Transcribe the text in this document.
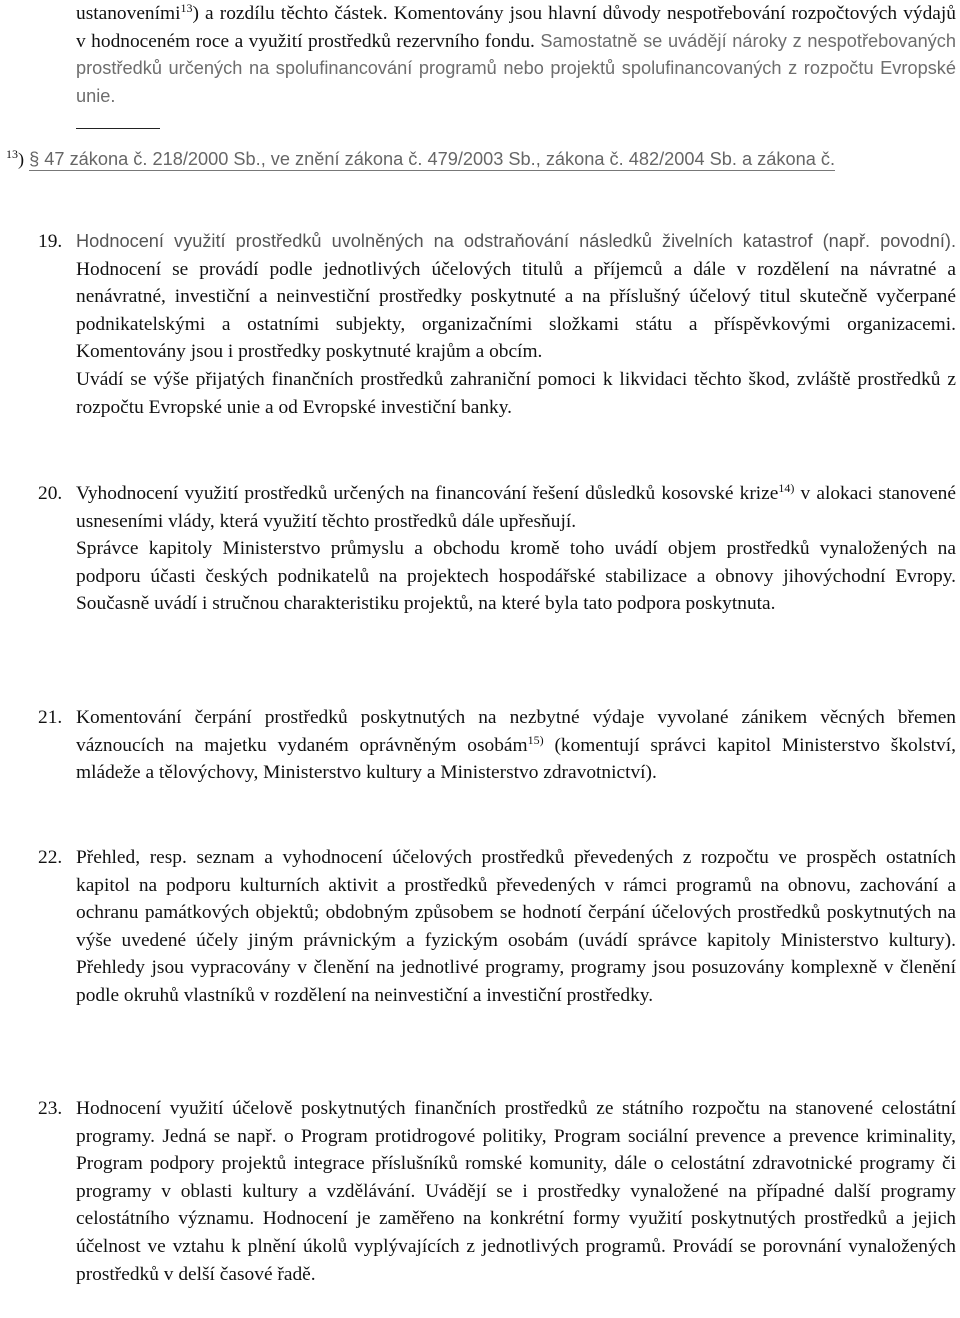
ustanoveními$^{13}$) a rozdílu těchto částek. Komentovány jsou hlavní důvody nespotřebování rozpočtových výdajů v hodnoceném roce a využití prostředků rezervního fondu. Samostatně se uvádějí nároky z nespotřebovaných prostředků určených na spolufinancování programů nebo projektů spolufinancovaných z rozpočtu Evropské unie.
$^{13}$) § 47 zákona č. 218/2000 Sb., ve znění zákona č. 479/2003 Sb., zákona č. 482/2004 Sb. a zákona č.
19. Hodnocení využití prostředků uvolněných na odstraňování následků živelních katastrof (např. povodní). Hodnocení se provádí podle jednotlivých účelových titulů a příjemců a dále v rozdělení na návratné a nenávratné, investiční a neinvestiční prostředky poskytnuté a na příslušný účelový titul skutečně vyčerpané podnikatelskými a ostatními subjekty, organizačními složkami státu a příspěvkovými organizacemi. Komentovány jsou i prostředky poskytnuté krajům a obcím.

Uvádí se výše přijatých finančních prostředků zahraniční pomoci k likvidaci těchto škod, zvláště prostředků z rozpočtu Evropské unie a od Evropské investiční banky.

20. Vyhodnocení využití prostředků určených na financování řešení důsledků kosovské krize$^{14)}$ v alokaci stanovené usneseními vlády, která využití těchto prostředků dále upřesňují.

Správce kapitoly Ministerstvo průmyslu a obchodu kromě toho uvádí objem prostředků vynaložených na podporu účasti českých podnikatelů na projektech hospodářské stabilizace a obnovy jihovýchodní Evropy. Současně uvádí i stručnou charakteristiku projektů, na které byla tato podpora poskytnuta.

21. Komentování čerpání prostředků poskytnutých na nezbytné výdaje vyvolané zánikem věcných břemen váznoucích na majetku vydaném oprávněným osobám$^{15)}$ (komentují správci kapitol Ministerstvo školství, mládeže a tělovýchovy, Ministerstvo kultury a Ministerstvo zdravotnictví).

22. Přehled, resp. seznam a vyhodnocení účelových prostředků převedených z rozpočtu ve prospěch ostatních kapitol na podporu kulturních aktivit a prostředků převedených v rámci programů na obnovu, zachování a ochranu památkových objektů; obdobným způsobem se hodnotí čerpání účelových prostředků poskytnutých na výše uvedené účely jiným právnickým a fyzickým osobám (uvádí správce kapitoly Ministerstvo kultury). Přehledy jsou vypracovány v členění na jednotlivé programy, programy jsou posuzovány komplexně v členění podle okruhů vlastníků v rozdělení na neinvestiční a investiční prostředky.

23. Hodnocení využití účelově poskytnutých finančních prostředků ze státního rozpočtu na stanovené celostátní programy. Jedná se např. o Program protidrogové politiky, Program sociální prevence a prevence kriminality, Program podpory projektů integrace příslušníků romské komunity, dále o celostátní zdravotnické programy či programy v oblasti kultury a vzdělávání. Uvádějí se i prostředky vynaložené na případné další programy celostátního významu. Hodnocení je zaměřeno na konkrétní formy využití poskytnutých prostředků a jejich účelnost ve vztahu k plnění úkolů vyplývajících z jednotlivých programů. Provádí se porovnání vynaložených prostředků v delší časové řadě.
